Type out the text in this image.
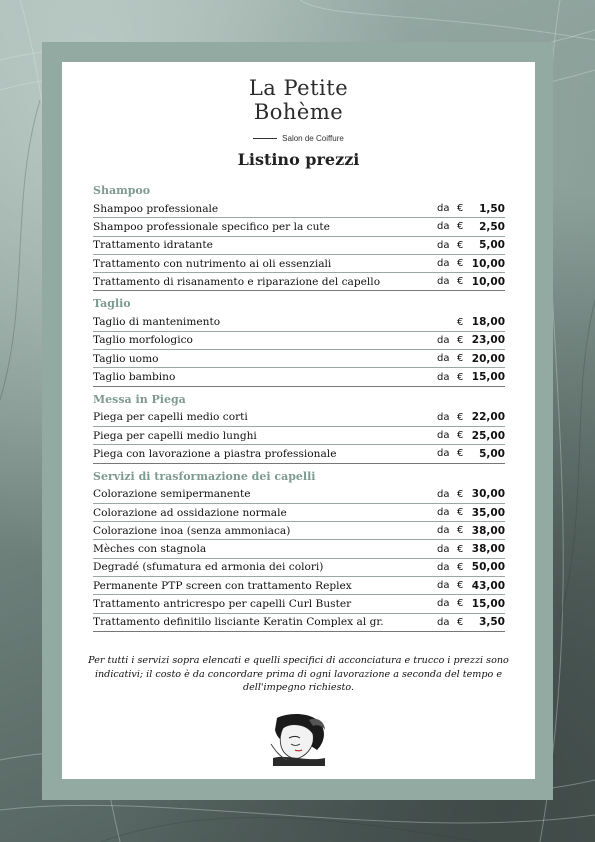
La Petite
Bohème
Salon de Coiffure
Listino prezzi
Shampoo
Shampoo professionale	da €	1,50
Shampoo professionale specifico per la cute	da €	2,50
Trattamento idratante	da €	5,00
Trattamento con nutrimento ai oli essenziali	da € 10,00
Trattamento di risanamento e riparazione del capello	da € 10,00
Taglio
Taglio di mantenimento	€ 18,00
Taglio morfologico	da € 23,00
Taglio uomo	da € 20,00
Taglio bambino	da € 15,00
Messa in Piega
Piega per capelli medio corti	da € 22,00
Piega per capelli medio lunghi	da € 25,00
Piega con lavorazione a piastra professionale	da €	5,00
Servizi di trasformazione dei capelli
Colorazione semipermanente	da € 30,00
Colorazione ad ossidazione normale	da € 35,00
Colorazione inoa (senza ammoniaca)	da € 38,00
Mèches con stagnola	da € 38,00
Degradé (sfumatura ed armonia dei colori)	da € 50,00
Permanente PTP screen con trattamento Replex	da € 43,00
Trattamento antricrespo per capelli Curl Buster	da € 15,00
Trattamento definitilo lisciante Keratin Complex al gr.	da €	3,50
Per tutti i servizi sopra elencati e quelli specifici di acconciatura e trucco i prezzi sono indicativi; il costo è da concordare prima di ogni lavorazione a seconda del tempo e dell'impegno richiesto.
